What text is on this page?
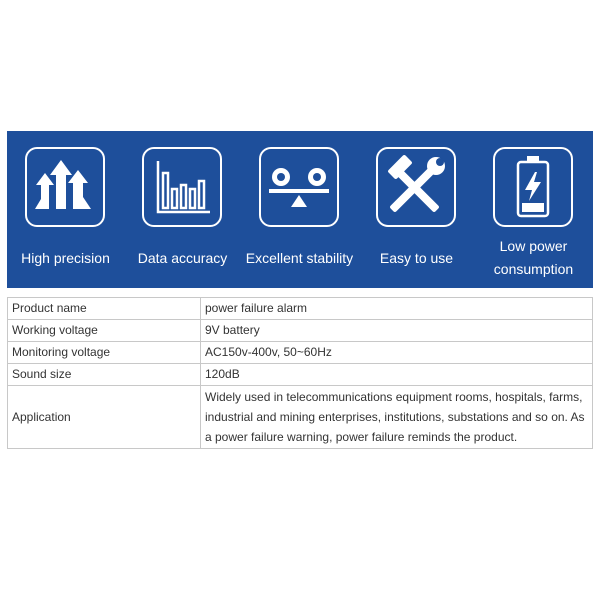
High precision	Data accuracy	Excellent stability	Easy to use
Low power
consumption
Product name	power failure alarm
Working voltage	9V battery
Monitoring voltage	AC150v-400v, 50~60Hz
Sound size	120dB
Application	Widely used in telecommunications equipment rooms, hospitals, farms, industrial and mining enterprises, institutions, substations and so on. As a power failure warning, power failure reminds the product.
